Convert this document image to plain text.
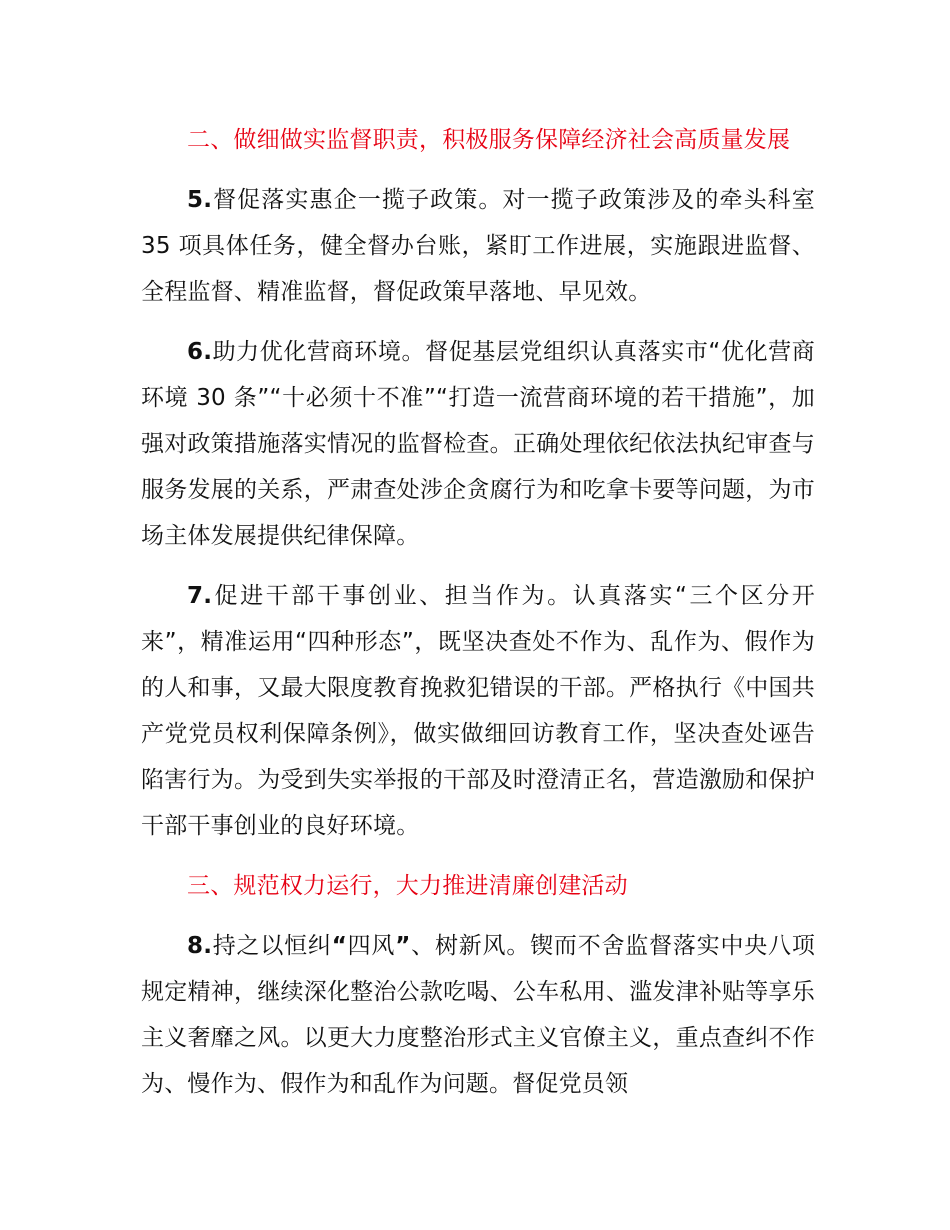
二、做细做实监督职责，积极服务保障经济社会高质量发展

5.督促落实惠企一揽子政策。对一揽子政策涉及的牵头科室 35 项具体任务，健全督办台账，紧盯工作进展，实施跟进监督、全程监督、精准监督，督促政策早落地、早见效。

6.助力优化营商环境。督促基层党组织认真落实市“优化营商环境 30 条”“十必须十不准”“打造一流营商环境的若干措施”，加强对政策措施落实情况的监督检查。正确处理依纪依法执纪审查与服务发展的关系，严肃查处涉企贪腐行为和吃拿卡要等问题，为市场主体发展提供纪律保障。

7.促进干部干事创业、担当作为。认真落实“三个区分开来”，精准运用“四种形态”，既坚决查处不作为、乱作为、假作为的人和事，又最大限度教育挽救犯错误的干部。严格执行《中国共产党党员权利保障条例》，做实做细回访教育工作，坚决查处诬告陷害行为。为受到失实举报的干部及时澄清正名，营造激励和保护干部干事创业的良好环境。

三、规范权力运行，大力推进清廉创建活动

8.持之以恒纠“四风”、树新风。锲而不舍监督落实中央八项规定精神，继续深化整治公款吃喝、公车私用、滥发津补贴等享乐主义奢靡之风。以更大力度整治形式主义官僚主义，重点查纠不作为、慢作为、假作为和乱作为问题。督促党员领
